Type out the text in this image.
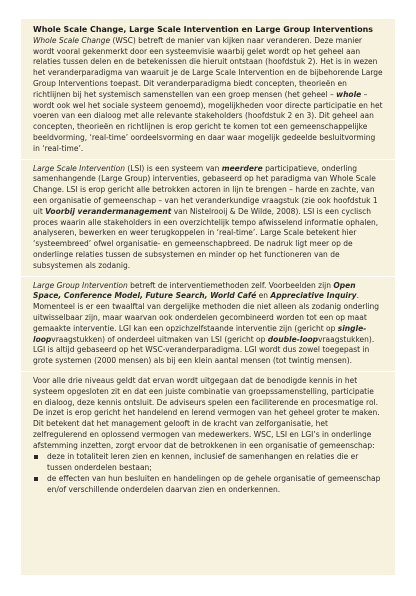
Whole Scale Change, Large Scale Intervention en Large Group Interventions

Whole Scale Change (WSC) betreft de manier van kijken naar veranderen. Deze manier wordt vooral gekenmerkt door een systeemvisie waarbij gelet wordt op het geheel aan relaties tussen delen en de betekenissen die hieruit ontstaan (hoofdstuk 2). Het is in wezen het veranderparadigma van waaruit je de Large Scale Intervention en de bijbehorende Large Group Interventions toepast. Dit veranderparadigma biedt concepten, theorieën en richtlijnen bij het systemisch samenstellen van een groep mensen (het geheel – whole – wordt ook wel het sociale systeem genoemd), mogelijkheden voor directe participatie en het voeren van een dialoog met alle relevante stakeholders (hoofdstuk 2 en 3). Dit geheel aan concepten, theorieën en richtlijnen is erop gericht te komen tot een gemeenschappelijke beeldvorming, ‘real-time’ oordeelsvorming en daar waar mogelijk gedeelde besluitvorming in ‘real-time’.

Large Scale Intervention (LSI) is een systeem van meerdere participatieve, onderling samenhangende (Large Group) interventies, gebaseerd op het paradigma van Whole Scale Change. LSI is erop gericht alle betrokken actoren in lijn te brengen – harde en zachte, van een organisatie of gemeenschap – van het veranderkundige vraagstuk (zie ook hoofdstuk 1 uit Voorbij verandermanagement van Nistelrooij & De Wilde, 2008). LSI is een cyclisch proces waarin alle stakeholders in een overzichtelijk tempo afwisselend informatie ophalen, analyseren, bewerken en weer terugkoppelen in ‘real-time’. Large Scale betekent hier ‘systeembreed’ ofwel organisatie- en gemeenschapbreed. De nadruk ligt meer op de onderlinge relaties tussen de subsystemen en minder op het functioneren van de subsystemen als zodanig.

Large Group Intervention betreft de interventiemethoden zelf. Voorbeelden zijn Open Space, Conference Model, Future Search, World Café en Appreciative Inquiry. Momenteel is er een twaalftal van dergelijke methoden die niet alleen als zodanig onderling uitwisselbaar zijn, maar waarvan ook onderdelen gecombineerd worden tot een op maat gemaakte interventie. LGI kan een opzichzelfstaande interventie zijn (gericht op single-loopvraagstukken) of onderdeel uitmaken van LSI (gericht op double-loopvraagstukken). LGI is altijd gebaseerd op het WSC-veranderparadigma. LGI wordt dus zowel toegepast in grote systemen (2000 mensen) als bij een klein aantal mensen (tot twintig mensen).

Voor alle drie niveaus geldt dat ervan wordt uitgegaan dat de benodigde kennis in het systeem opgesloten zit en dat een juiste combinatie van groepssamenstelling, participatie en dialoog, deze kennis ontsluit. De adviseurs spelen een faciliterende en procesmatige rol. De inzet is erop gericht het handelend en lerend vermogen van het geheel groter te maken. Dit betekent dat het management gelooft in de kracht van zelforganisatie, het zelfregulerend en oplossend vermogen van medewerkers. WSC, LSI en LGI’s in onderlinge afstemming inzetten, zorgt ervoor dat de betrokkenen in een organisatie of gemeenschap:

deze in totaliteit leren zien en kennen, inclusief de samenhangen en relaties die er tussen onderdelen bestaan;
de effecten van hun besluiten en handelingen op de gehele organisatie of gemeenschap en/of verschillende onderdelen daarvan zien en onderkennen.
